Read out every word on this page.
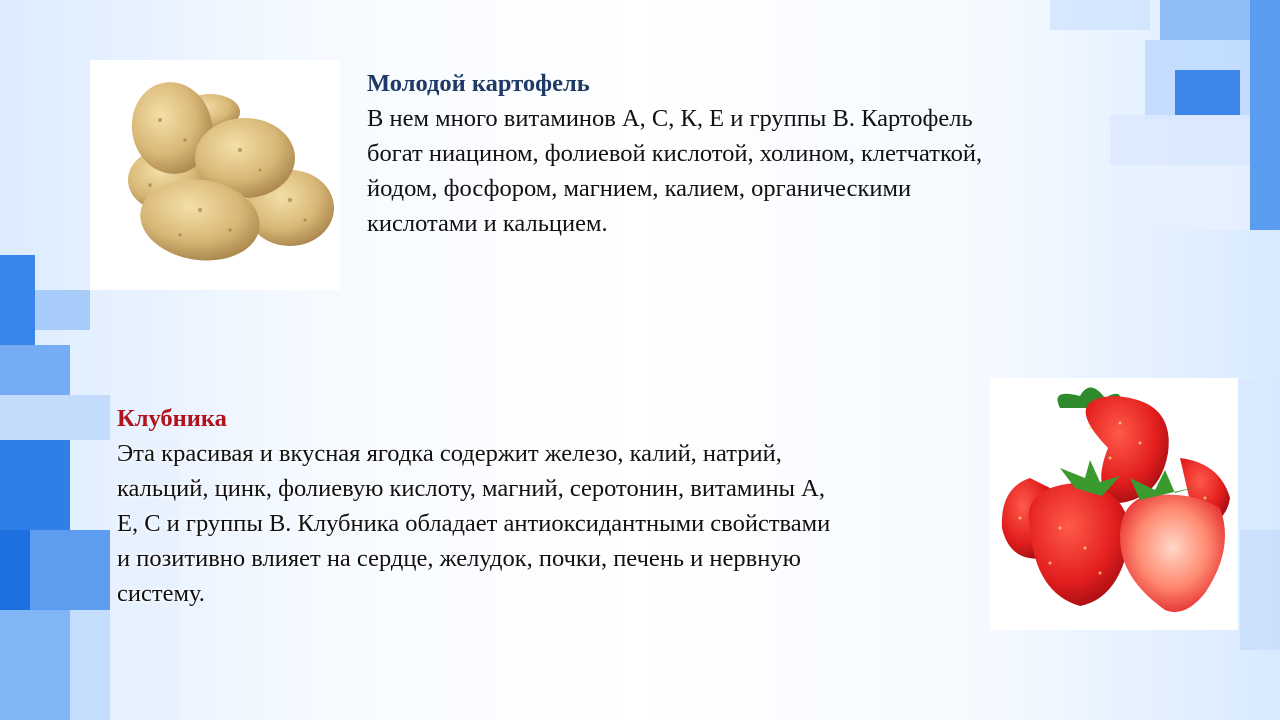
Молодой картофель
В нем много витаминов А, С, К, Е и группы В. Картофель
богат ниацином, фолиевой кислотой, холином, клетчаткой,
йодом, фосфором, магнием, калием, органическими
кислотами и кальцием.
Клубника
Эта красивая и вкусная ягодка содержит железо, калий, натрий,
кальций, цинк, фолиевую кислоту, магний, серотонин, витамины А,
Е, С и группы В. Клубника обладает антиоксидантными свойствами
и позитивно влияет на сердце, желудок, почки, печень и нервную
систему.
